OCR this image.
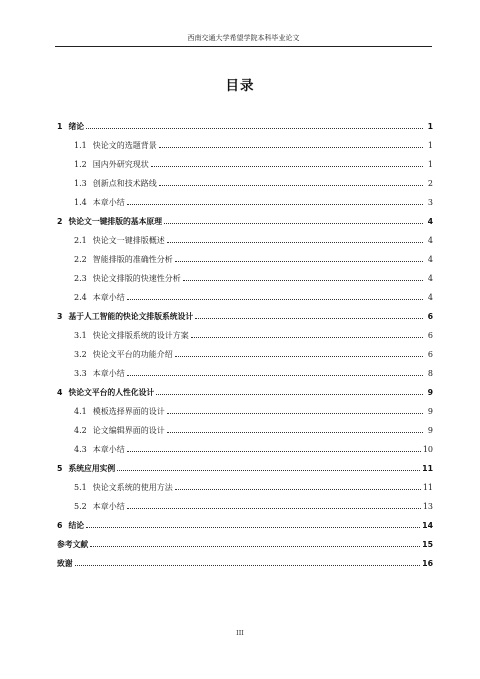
西南交通大学希望学院本科毕业论文
目录
1 绪论	1
1.1 快论文的选题背景	1
1.2 国内外研究现状	1
1.3 创新点和技术路线	2
1.4 本章小结	3
2 快论文一键排版的基本原理	4
2.1 快论文一键排版概述	4
2.2 智能排版的准确性分析	4
2.3 快论文排版的快速性分析	4
2.4 本章小结	4
3 基于人工智能的快论文排版系统设计	6
3.1 快论文排版系统的设计方案	6
3.2 快论文平台的功能介绍	6
3.3 本章小结	8
4 快论文平台的人性化设计	9
4.1 模板选择界面的设计	9
4.2 论文编辑界面的设计	9
4.3 本章小结	10
5 系统应用实例	11
5.1 快论文系统的使用方法	11
5.2 本章小结	13
6 结论	14
参考文献	15
致谢	16
III
